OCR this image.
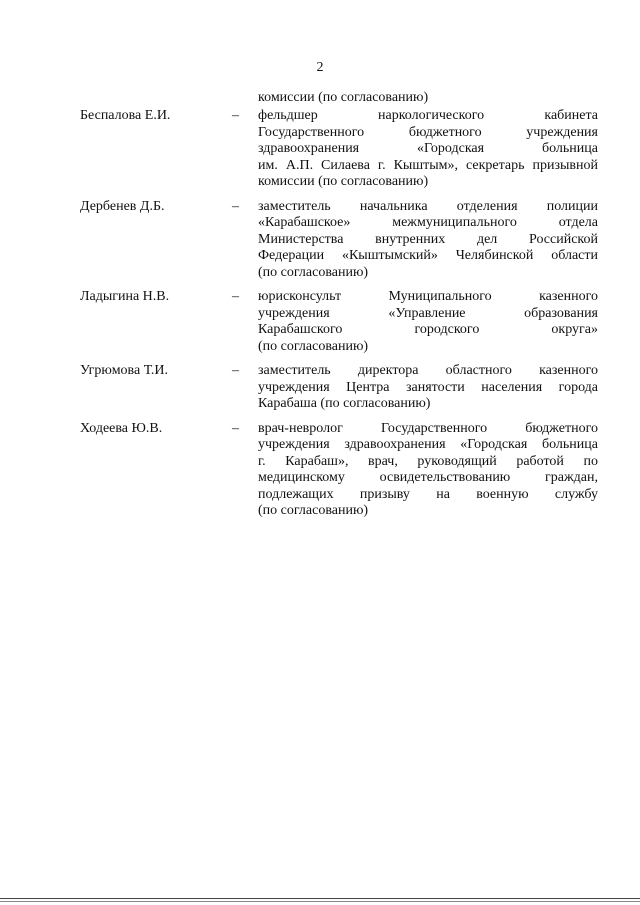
2
комиссии (по согласованию)
Беспалова Е.И.	–	фельдшер наркологического кабинета
Государственного бюджетного учреждения
здравоохранения «Городская больница
им. А.П. Силаева г. Кыштым», секретарь призывной
комиссии (по согласованию)
Дербенев Д.Б.	–	заместитель начальника отделения полиции
«Карабашское» межмуниципального отдела
Министерства внутренних дел Российской
Федерации «Кыштымский» Челябинской области
(по согласованию)
Ладыгина Н.В.	–	юрисконсульт Муниципального казенного
учреждения «Управление образования
Карабашского городского округа»
(по согласованию)
Угрюмова Т.И.	–	заместитель директора областного казенного
учреждения Центра занятости населения города
Карабаша (по согласованию)
Ходеева Ю.В.	–	врач-невролог Государственного бюджетного
учреждения здравоохранения «Городская больница
г. Карабаш», врач, руководящий работой по
медицинскому освидетельствованию граждан,
подлежащих призыву на военную службу
(по согласованию)
